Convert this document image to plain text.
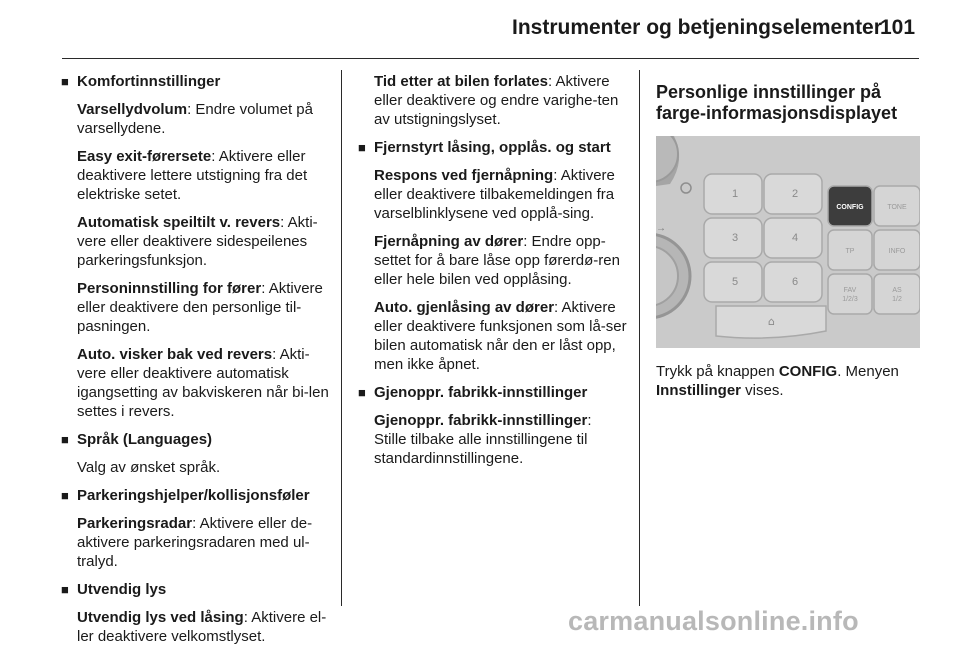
Instrumenter og betjeningselementer
101
■ Komfortinnstillinger
Varsellydvolum: Endre volumet på varsellydene.
Easy exit-førersete: Aktivere eller deaktivere lettere utstigning fra det elektriske setet.
Automatisk speiltilt v. revers: Akti-vere eller deaktivere sidespeilenes parkeringsfunksjon.
Personinnstilling for fører: Aktivere eller deaktivere den personlige til-pasningen.
Auto. visker bak ved revers: Akti-vere eller deaktivere automatisk igangsetting av bakviskeren når bi-len settes i revers.
■ Språk (Languages)
Valg av ønsket språk.
■ Parkeringshjelper/kollisjonsføler
Parkeringsradar: Aktivere eller de-aktivere parkeringsradaren med ul-tralyd.
■ Utvendig lys
Utvendig lys ved låsing: Aktivere el-ler deaktivere velkomstlyset.
Tid etter at bilen forlates: Aktivere eller deaktivere og endre varighe-ten av utstigningslyset.
■ Fjernstyrt låsing, opplås. og start
Respons ved fjernåpning: Aktivere eller deaktivere tilbakemeldingen fra varselblinklysene ved opplå-sing.
Fjernåpning av dører: Endre opp-settet for å bare låse opp førerdø-ren eller hele bilen ved opplåsing.
Auto. gjenlåsing av dører: Aktivere eller deaktivere funksjonen som lå-ser bilen automatisk når den er låst opp, men ikke åpnet.
■ Gjenoppr. fabrikk-innstillinger
Gjenoppr. fabrikk-innstillinger: Stille tilbake alle innstillingene til standardinnstillingene.
Personlige innstillinger på farge-informasjonsdisplayet
→
1	2
3	4
5	6
⌂
CONFIG	TONE
TP	INFO
FAV
1/2/3
AS
1/2
Trykk på knappen CONFIG. Menyen Innstillinger vises.
carmanualsonline.info
